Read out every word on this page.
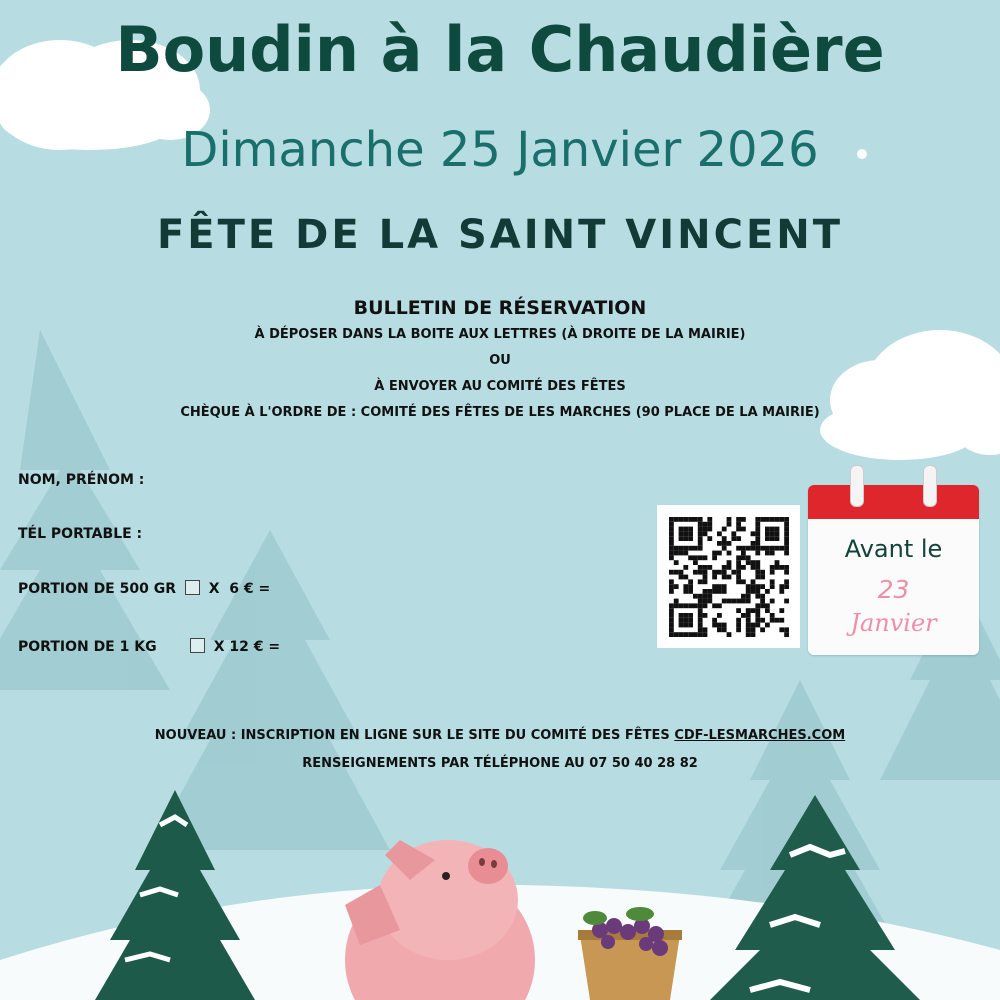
Boudin à la Chaudière
Dimanche 25 Janvier 2026
FÊTE DE LA SAINT VINCENT
BULLETIN DE RÉSERVATION
À DÉPOSER DANS LA BOITE AUX LETTRES (À DROITE DE LA MAIRIE)
OU
À ENVOYER AU COMITÉ DES FÊTES
CHÈQUE À L'ORDRE DE : COMITÉ DES FÊTES DE LES MARCHES (90 PLACE DE LA MAIRIE)
NOM, PRÉNOM :
TÉL PORTABLE :
PORTION DE 500 GR X  6 € =
PORTION DE 1 KG	X 12 € =
Avant le
23
Janvier
NOUVEAU : INSCRIPTION EN LIGNE SUR LE SITE DU COMITÉ DES FÊTES CDF-LESMARCHES.COM
RENSEIGNEMENTS PAR TÉLÉPHONE AU 07 50 40 28 82
